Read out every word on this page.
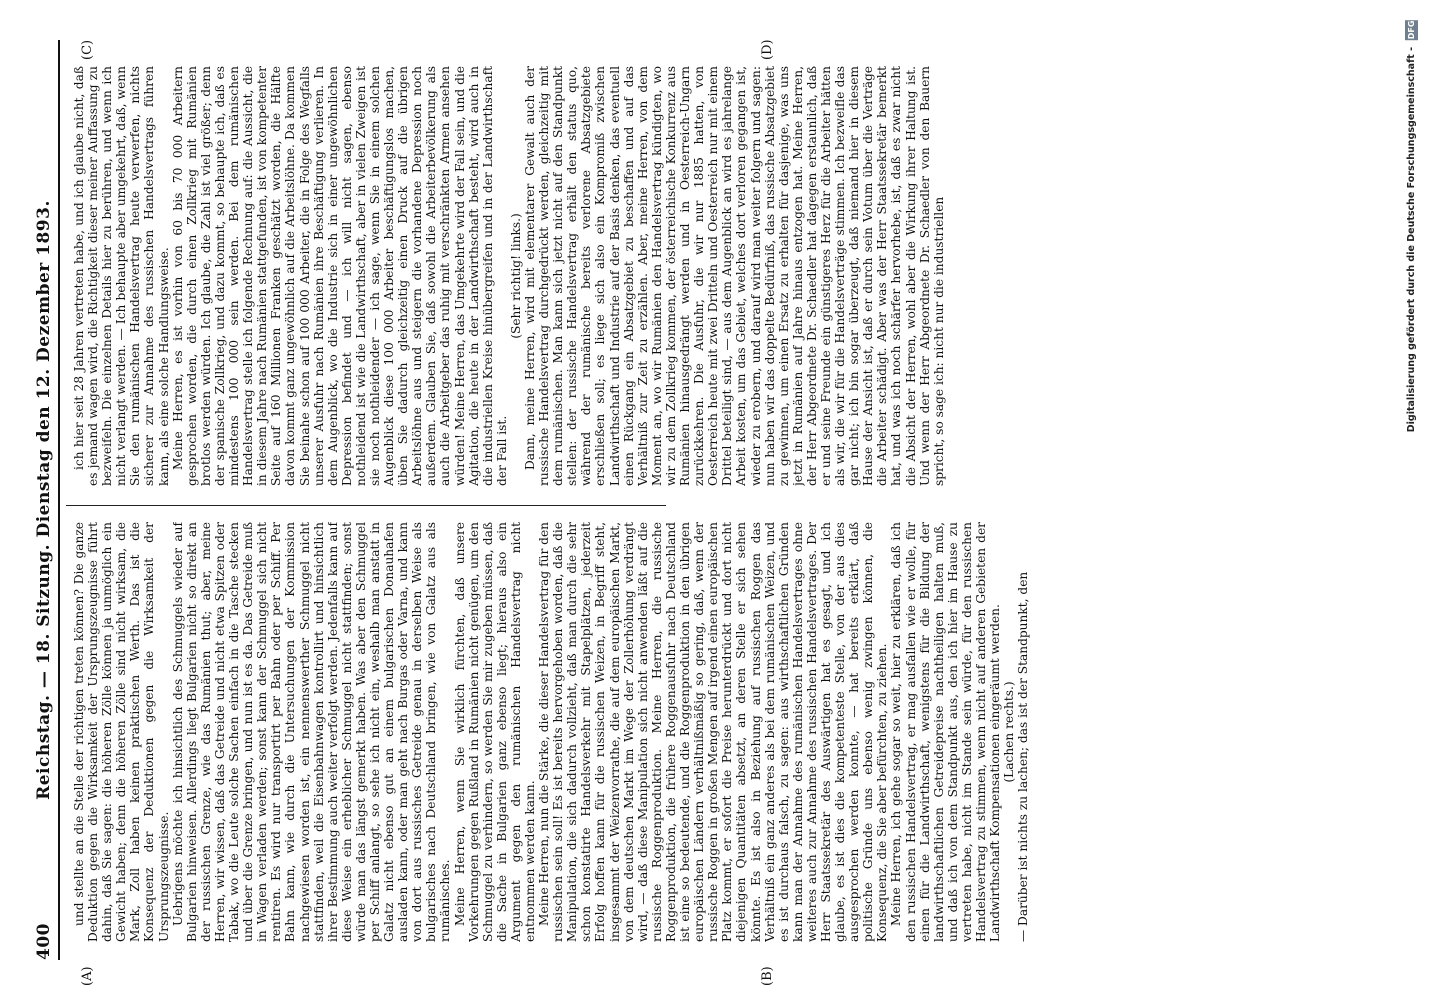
400
Reichstag. — 18. Sitzung. Dienstag den 12. Dezember 1893.
(A)	(B)
(C)	(D)

und stellte an die Stelle der richtigen treten können? Die ganze Deduktion gegen die Wirksamkeit der Ursprungszeugnisse führt dahin, daß Sie sagen: die höheren Zölle können ja unmöglich ein Gewicht haben; denn die höheren Zölle sind nicht wirksam, die Mark, Zoll haben keinen praktischen Werth. Das ist die Konsequenz der Deduktionen gegen die Wirksamkeit der Ursprungszeugnisse. Uebrigens möchte ich hinsichtlich des Schmuggels wieder auf Bulgarien hinweisen. Allerdings liegt Bulgarien nicht so direkt an der russischen Grenze, wie das Rumänien thut; aber, meine Herren, wir wissen, daß das Getreide und nicht etwa Spitzen oder Tabak, wo die Leute solche Sachen einfach in die Tasche stecken und über die Grenze bringen, und nun ist es da. Das Getreide muß in Wagen verladen werden; sonst kann der Schmuggel sich nicht rentiren. Es wird nur transportirt per Bahn oder per Schiff. Per Bahn kann, wie durch die Untersuchungen der Kommission nachgewiesen worden ist, ein nennenswerther Schmuggel nicht stattfinden, weil die Eisenbahnwagen kontrollirt und hinsichtlich ihrer Bestimmung auch weiter verfolgt werden. Jedenfalls kann auf diese Weise ein erheblicher Schmuggel nicht stattfinden; sonst würde man das längst gemerkt haben. Was aber den Schmuggel per Schiff anlangt, so sehe ich nicht ein, weshalb man anstatt in Galatz nicht ebenso gut an einem bulgarischen Donauhafen ausladen kann, oder man geht nach Burgas oder Varna, und kann von dort aus russisches Getreide genau in derselben Weise als bulgarisches nach Deutschland bringen, wie von Galatz aus als rumänisches. Meine Herren, wenn Sie wirklich fürchten, daß unsere Vorkehrungen gegen Rußland in Rumänien nicht genügen, um den Schmuggel zu verhindern, so werden Sie mir zugeben müssen, daß die Sache in Bulgarien ganz ebenso liegt; hieraus also ein Argument gegen den rumänischen Handelsvertrag nicht entnommen werden kann. Meine Herren, nun die Stärke, die dieser Handelsvertrag für den russischen sein soll! Es ist bereits hervorgehoben worden, daß die Manipulation, die sich dadurch vollzieht, daß man durch die sehr schon konstatirte Handelsverkehr mit Stapelplätzen, jederzeit Erfolg hoffen kann für die russischen Weizen, in Begriff steht, insgesammt der Weizenvorrathe, die auf dem europäischen Markt, von dem deutschen Markt im Wege der Zollerhöhung verdrängt wird, — daß diese Manipulation sich nicht anwenden läßt auf die russische Roggenproduktion. Meine Herren, die russische Roggenproduktion, die frühere Roggenausfuhr nach Deutschland ist eine so bedeutende, und die Roggenproduktion in den übrigen europäischen Ländern verhältnißmäßig so gering, daß, wenn der russische Roggen in großen Mengen auf irgend einen europäischen Platz kommt, er sofort die Preise herunterdrückt und dort nicht diejenigen Quantitäten absetzt, an deren Stelle er sich sehen könnte. Es ist also in Beziehung auf russischen Roggen das Verhältniß ein ganz anderes als bei dem rumänischen Weizen, und es ist durchaus falsch, zu sagen: aus wirthschaftlichen Gründen kann man der Annahme des rumänischen Handelsvertrages ohne weiteres auch zur Annahme des russischen Handelsvertrages. Der Herr Staatssekretär des Auswärtigen hat es gesagt, und ich glaube, es ist dies die kompetenteste Stelle, von der aus dies ausgesprochen werden konnte, — hat bereits erklärt, daß politische Gründe uns ebenso wenig zwingen können, die Konsequenz, die Sie aber befürchten, zu ziehen. Meine Herren, ich gehe sogar so weit, hier zu erklären, daß ich den russischen Handelsvertrag, er mag ausfallen wie er wolle, für einen für die Landwirthschaft, wenigstens für die Bildung der landwirthschaftlichen Getreidepreise nachtheiligen halten muß, und daß ich von dem Standpunkt aus, den ich hier im Hause zu vertreten habe, nicht im Stande sein würde, für den russischen Handelsvertrag zu stimmen, wenn nicht auf anderen Gebieten der Landwirthschaft Kompensationen eingeräumt werden. (Lachen rechts.) — Darüber ist nichts zu lachen; das ist der Standpunkt, den

ich hier seit 28 Jahren vertreten habe, und ich glaube nicht, daß es jemand wagen wird, die Richtigkeit dieser meiner Auffassung zu bezweifeln. Die einzelnen Details hier zu berühren, und wenn ich nicht verlangt werden. — Ich behaupte aber umgekehrt, daß, wenn Sie den rumänischen Handelsvertrag heute verwerfen, nichts sicherer zur Annahme des russischen Handelsvertrags führen kann, als eine solche Handlungsweise. Meine Herren, es ist vorhin von 60 bis 70 000 Arbeitern gesprochen worden, die durch einen Zollkrieg mit Rumänien brotlos werden würden. Ich glaube, die Zahl ist viel größer; denn der spanische Zollkrieg, und dazu kommt, so behaupte ich, daß es mindestens 100 000 sein werden. Bei dem rumänischen Handelsvertrag stelle ich folgende Rechnung auf: die Aussicht, die in diesem Jahre nach Rumänien stattgefunden, ist von kompetenter Seite auf 160 Millionen Franken geschätzt worden, die Hälfte davon kommt ganz ungewöhnlich auf die Arbeitslöhne. Da kommen Sie beinahe schon auf 100 000 Arbeiter, die in Folge des Wegfalls unserer Ausfuhr nach Rumänien ihre Beschäftigung verlieren. In dem Augenblick, wo die Industrie sich in einer ungewöhnlichen Depression befindet und — ich will nicht sagen, ebenso nothleidend ist wie die Landwirthschaft, aber in vielen Zweigen ist sie noch nothleidender — ich sage, wenn Sie in einem solchen Augenblick diese 100 000 Arbeiter beschäftigungslos machen, üben Sie dadurch gleichzeitig einen Druck auf die übrigen Arbeitslöhne aus und steigern die vorhandene Depression noch außerdem. Glauben Sie, daß sowohl die Arbeiterbevölkerung als auch die Arbeitgeber das ruhig mit verschränkten Armen ansehen würden! Meine Herren, das Umgekehrte wird der Fall sein, und die Agitation, die heute in der Landwirthschaft besteht, wird auch in die industriellen Kreise hinübergreifen und in der Landwirthschaft der Fall ist.

(Sehr richtig! links.) Dann, meine Herren, wird mit elementarer Gewalt auch der russische Handelsvertrag durchgedrückt werden, gleichzeitig mit dem rumänischen. Man kann sich jetzt nicht auf den Standpunkt stellen: der russische Handelsvertrag erhält den status quo, während der rumänische bereits verlorene Absatzgebiete erschließen soll; es liege sich also ein Kompromiß zwischen Landwirthschaft und Industrie auf der Basis denken, das eventuell einen Rückgang ein Absatzgebiet zu beschaffen und auf das Verhältniß zur Zeit zu erzählen. Aber, meine Herren, von dem Moment an, wo wir Rumänien den Handelsvertrag kündigten, wo wir zu dem Zollkrieg kommen, der österreichische Konkurrenz aus Rumänien hinausgedrängt werden und in Oesterreich-Ungarn zurückkehren. Die Ausfuhr, die wir nur 1885 hatten, von Oesterreich heute mit zwei Dritteln und Oesterreich nur mit einem Drittel beteiligt sind, — aus dem Augenblick an wird es jahrelange Arbeit kosten, um das Gebiet, welches dort verloren gegangen ist, wieder zu erobern, und darauf wird man weiter folgern und sagen: nun haben wir das doppelte Bedürfniß, das russische Absatzgebiet zu gewinnen, um einen Ersatz zu erhalten für dasjenige, was uns jetzt in Rumänien auf Jahre hinaus entzogen hat. Meine Herren, der Herr Abgeordnete Dr. Schaedler hat dagegen erstaunlich, daß er und seine Freunde ein günstigeres Herz für die Arbeiter hätten als wir, die wir für die Handelsverträge stimmen. Ich bezweifle das gar nicht; ich bin sogar überzeugt, daß niemand hier in diesem Hause der Ansicht ist, daß er durch sein Votum über die Verträge die Arbeiter schädigt. Aber was der Herr Staatssekretär bemerkt hat, und was ich noch schärfer hervorhebe, ist, daß es zwar nicht die Absicht der Herren, wohl aber die Wirkung ihrer Haltung ist. Und wenn der Herr Abgeordnete Dr. Schaedler von den Bauern spricht, so sage ich: nicht nur die industriellen	Digitalisierung gefördert durch die Deutsche Forschungsgemeinschaft - DFG
